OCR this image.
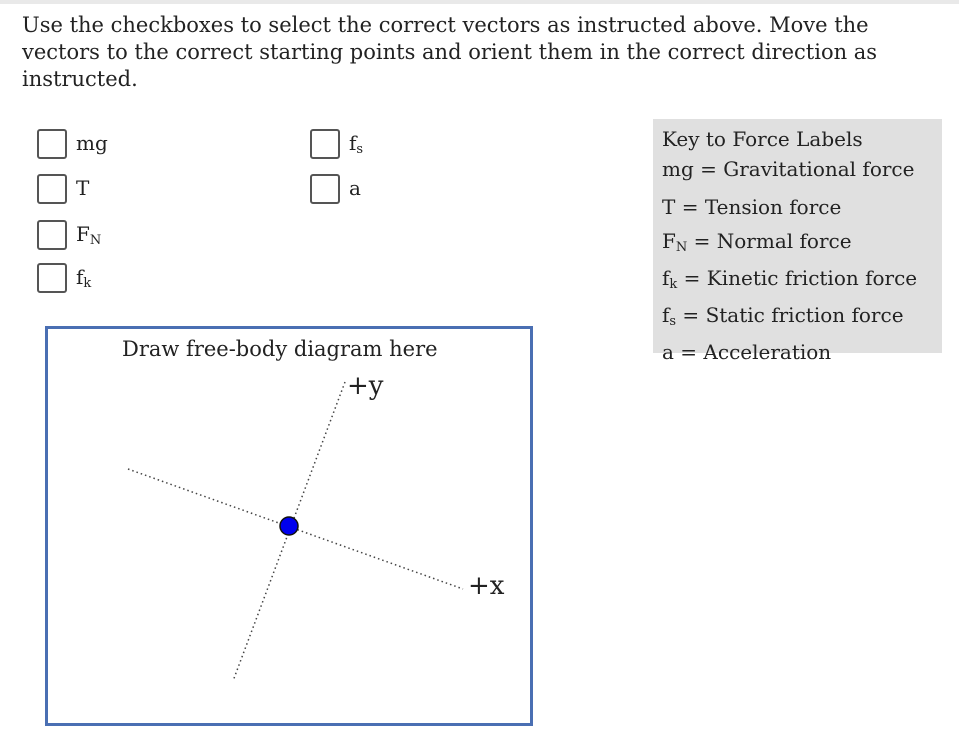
Use the checkboxes to select the correct vectors as instructed above. Move the vectors to the correct starting points and orient them in the correct direction as instructed.
mg
T
$F_N$
$f_k$
$f_s$
a
Key to Force Labels
mg = Gravitational force
T = Tension force
$F_N$ = Normal force
$f_k$ = Kinetic friction force
$f_s$ = Static friction force
a = Acceleration
Draw free-body diagram here
+y
+x
